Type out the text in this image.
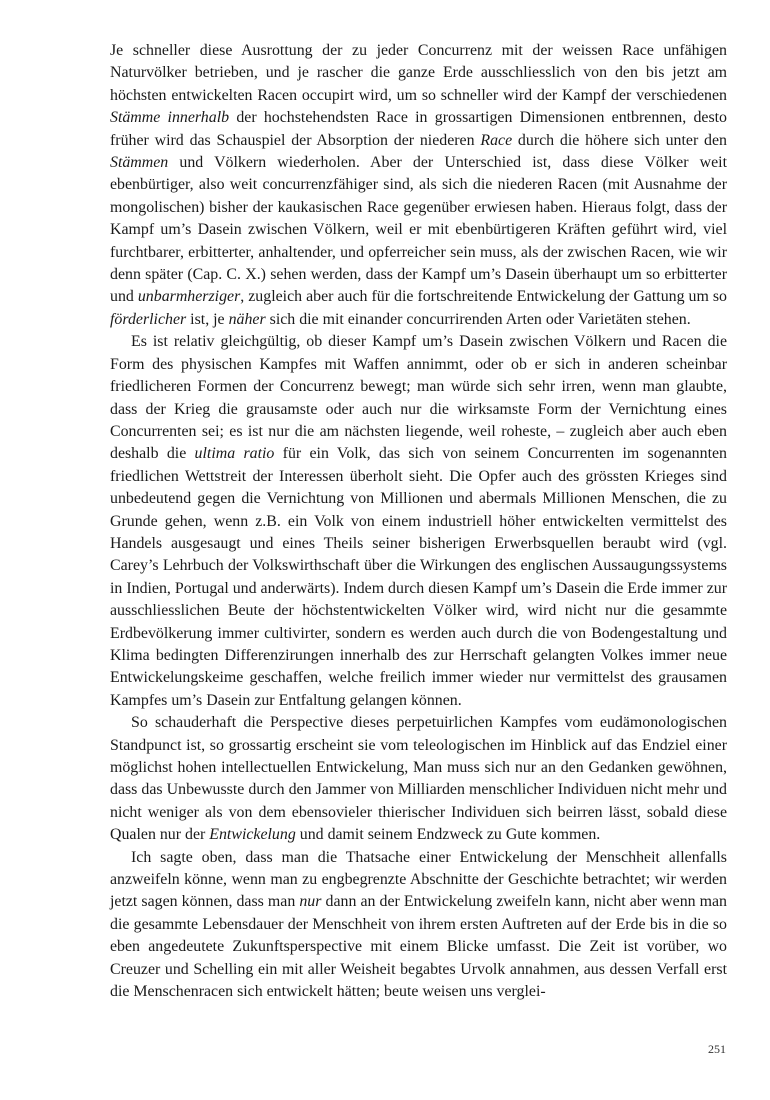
Je schneller diese Ausrottung der zu jeder Concurrenz mit der weissen Race unfähigen Naturvölker betrieben, und je rascher die ganze Erde ausschliesslich von den bis jetzt am höchsten entwickelten Racen occupirt wird, um so schneller wird der Kampf der verschiedenen Stämme innerhalb der hochstehendsten Race in grossartigen Dimensionen entbrennen, desto früher wird das Schauspiel der Absorption der niederen Race durch die höhere sich unter den Stämmen und Völkern wiederholen. Aber der Unterschied ist, dass diese Völker weit ebenbürtiger, also weit concurrenzfähiger sind, als sich die niederen Racen (mit Ausnahme der mongolischen) bisher der kaukasischen Race gegenüber erwiesen haben. Hieraus folgt, dass der Kampf um’s Dasein zwischen Völkern, weil er mit ebenbürtigeren Kräften geführt wird, viel furchtbarer, erbitterter, anhaltender, und opferreicher sein muss, als der zwischen Racen, wie wir denn später (Cap. C. X.) sehen werden, dass der Kampf um’s Dasein überhaupt um so erbitterter und unbarmherziger, zugleich aber auch für die fortschreitende Entwickelung der Gattung um so förderlicher ist, je näher sich die mit einander concurrirenden Arten oder Varietäten stehen.

Es ist relativ gleichgültig, ob dieser Kampf um’s Dasein zwischen Völkern und Racen die Form des physischen Kampfes mit Waffen annimmt, oder ob er sich in anderen scheinbar friedlicheren Formen der Concurrenz bewegt; man würde sich sehr irren, wenn man glaubte, dass der Krieg die grausamste oder auch nur die wirksamste Form der Vernichtung eines Concurrenten sei; es ist nur die am nächsten liegende, weil roheste, – zugleich aber auch eben deshalb die ultima ratio für ein Volk, das sich von seinem Concurrenten im sogenannten friedlichen Wettstreit der Interessen überholt sieht. Die Opfer auch des grössten Krieges sind unbedeutend gegen die Vernichtung von Millionen und abermals Millionen Menschen, die zu Grunde gehen, wenn z.B. ein Volk von einem industriell höher entwickelten vermittelst des Handels ausgesaugt und eines Theils seiner bisherigen Erwerbsquellen beraubt wird (vgl. Carey’s Lehrbuch der Volkswirthschaft über die Wirkungen des englischen Aussaugungssystems in Indien, Portugal und anderwärts). Indem durch diesen Kampf um’s Dasein die Erde immer zur ausschliesslichen Beute der höchstentwickelten Völker wird, wird nicht nur die gesammte Erdbevölkerung immer cultivirter, sondern es werden auch durch die von Bodengestaltung und Klima bedingten Differenzirungen innerhalb des zur Herrschaft gelangten Volkes immer neue Entwickelungskeime geschaffen, welche freilich immer wieder nur vermittelst des grausamen Kampfes um’s Dasein zur Entfaltung gelangen können.

So schauderhaft die Perspective dieses perpetuirlichen Kampfes vom eudämonologischen Standpunct ist, so grossartig erscheint sie vom teleologischen im Hinblick auf das Endziel einer möglichst hohen intellectuellen Entwickelung, Man muss sich nur an den Gedanken gewöhnen, dass das Unbewusste durch den Jammer von Milliarden menschlicher Individuen nicht mehr und nicht weniger als von dem ebensovieler thierischer Individuen sich beirren lässt, sobald diese Qualen nur der Entwickelung und damit seinem Endzweck zu Gute kommen.

Ich sagte oben, dass man die Thatsache einer Entwickelung der Menschheit allenfalls anzweifeln könne, wenn man zu engbegrenzte Abschnitte der Geschichte betrachtet; wir werden jetzt sagen können, dass man nur dann an der Entwickelung zweifeln kann, nicht aber wenn man die gesammte Lebensdauer der Menschheit von ihrem ersten Auftreten auf der Erde bis in die so eben angedeutete Zukunftsperspective mit einem Blicke umfasst. Die Zeit ist vorüber, wo Creuzer und Schelling ein mit aller Weisheit begabtes Urvolk annahmen, aus dessen Verfall erst die Menschenracen sich entwickelt hätten; beute weisen uns verglei-

251
